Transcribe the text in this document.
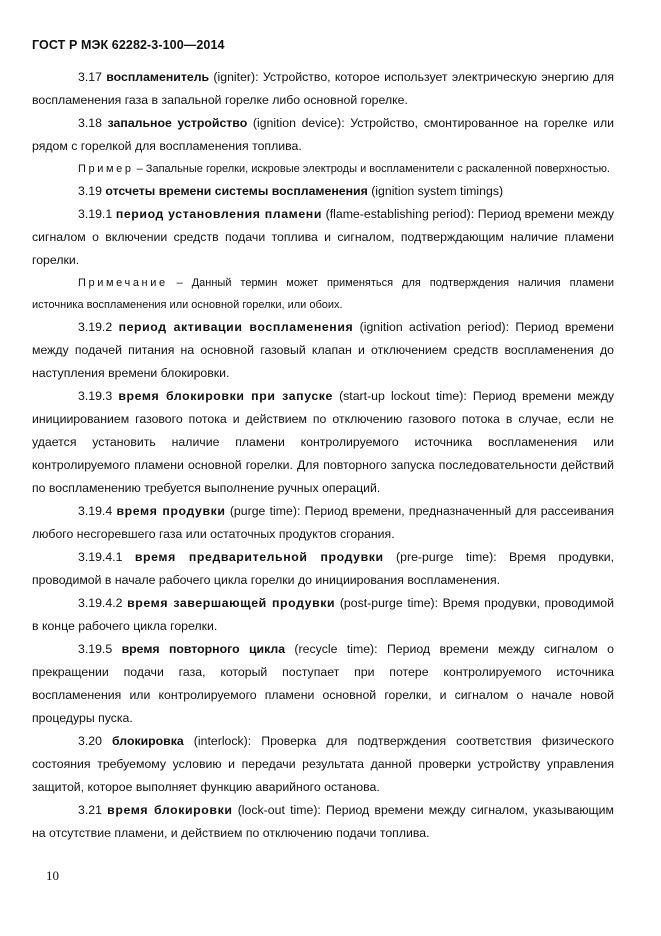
ГОСТ Р МЭК 62282-3-100—2014

3.17 воспламенитель (igniter): Устройство, которое использует электрическую энергию для воспламенения газа в запальной горелке либо основной горелке.

3.18 запальное устройство (ignition device): Устройство, смонтированное на горелке или рядом с горелкой для воспламенения топлива.

Пример – Запальные горелки, искровые электроды и воспламенители с раскаленной поверхностью.

3.19 отсчеты времени системы воспламенения (ignition system timings)

3.19.1 период установления пламени (flame-establishing period): Период времени между сигналом о включении средств подачи топлива и сигналом, подтверждающим наличие пламени горелки.

Примечание – Данный термин может применяться для подтверждения наличия пламени источника воспламенения или основной горелки, или обоих.

3.19.2 период активации воспламенения (ignition activation period): Период времени между подачей питания на основной газовый клапан и отключением средств воспламенения до наступления времени блокировки.

3.19.3 время блокировки при запуске (start-up lockout time): Период времени между инициированием газового потока и действием по отключению газового потока в случае, если не удается установить наличие пламени контролируемого источника воспламенения или контролируемого пламени основной горелки. Для повторного запуска последовательности действий по воспламенению требуется выполнение ручных операций.

3.19.4 время продувки (purge time): Период времени, предназначенный для рассеивания любого несгоревшего газа или остаточных продуктов сгорания.

3.19.4.1 время предварительной продувки (pre-purge time): Время продувки, проводимой в начале рабочего цикла горелки до инициирования воспламенения.

3.19.4.2 время завершающей продувки (post-purge time): Время продувки, проводимой в конце рабочего цикла горелки.

3.19.5 время повторного цикла (recycle time): Период времени между сигналом о прекращении подачи газа, который поступает при потере контролируемого источника воспламенения или контролируемого пламени основной горелки, и сигналом о начале новой процедуры пуска.

3.20 блокировка (interlock): Проверка для подтверждения соответствия физического состояния требуемому условию и передачи результата данной проверки устройству управления защитой, которое выполняет функцию аварийного останова.

3.21 время блокировки (lock-out time): Период времени между сигналом, указывающим на отсутствие пламени, и действием по отключению подачи топлива.

10
